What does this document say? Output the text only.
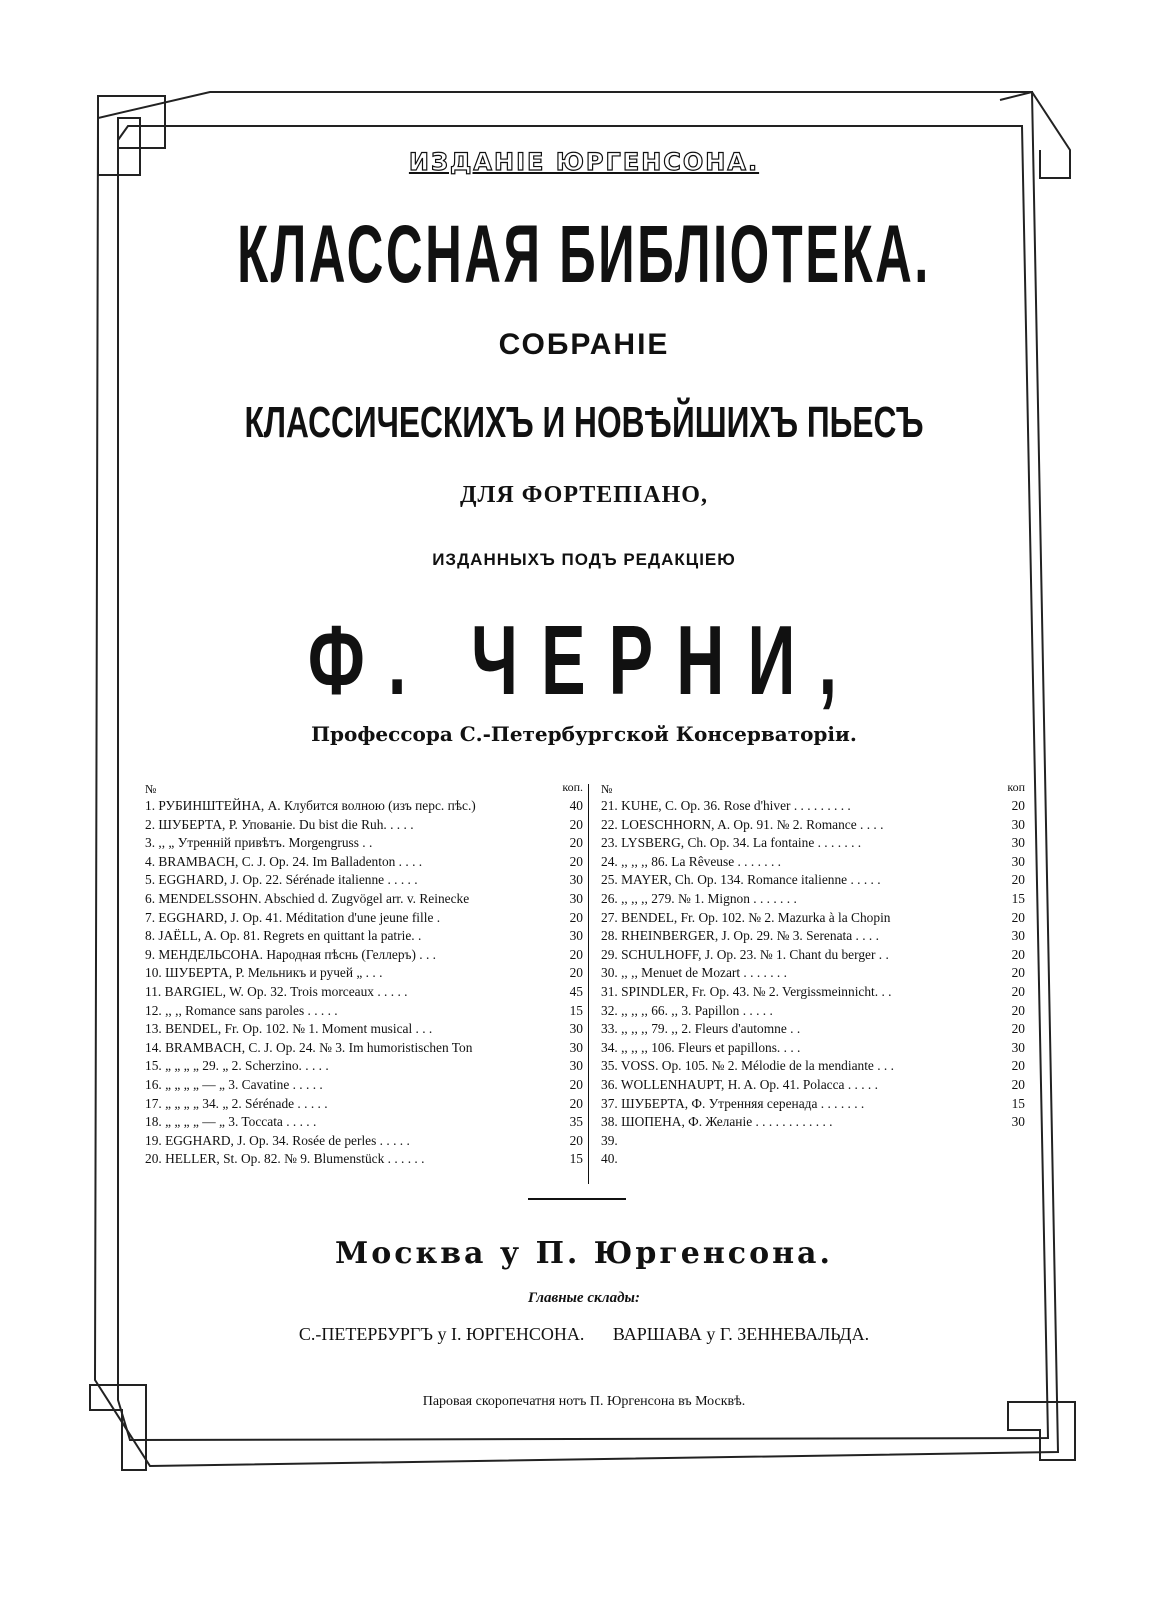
ИЗДАНІЕ ЮРГЕНСОНА.
КЛАССНАЯ БИБЛІОТЕКА.
СОБРАНІЕ
КЛАССИЧЕСКИХЪ И НОВѢЙШИХЪ ПЬЕСЪ
ДЛЯ ФОРТЕПІАНО,
ИЗДАННЫХЪ ПОДЪ РЕДАКЦІЕЮ
Ф. ЧЕРНИ,
Профессора С.-Петербургской Консерваторіи.
№	коп.
1. РУБИНШТЕЙНА, А. Клубится волною (изъ перс. пѣс.)	40
2. ШУБЕРТА, Р. Упованіе. Du bist die Ruh. . . . .	20
3. ,, „ Утренній привѣтъ. Morgengruss . .	20
4. BRAMBACH, C. J. Op. 24. Im Balladenton . . . .	20
5. EGGHARD, J. Op. 22. Sérénade italienne . . . . .	30
6. MENDELSSOHN. Abschied d. Zugvögel arr. v. Reinecke	30
7. EGGHARD, J. Op. 41. Méditation d'une jeune fille .	20
8. JAËLL, A. Op. 81. Regrets en quittant la patrie. .	30
9. МЕНДЕЛЬСОНА. Народная пѣснь (Геллеръ) . . .	20
10. ШУБЕРТА, Р. Мельникъ и ручей „ . . .	20
11. BARGIEL, W. Op. 32. Trois morceaux . . . . .	45
12. ,, ,, Romance sans paroles . . . . .	15
13. BENDEL, Fr. Op. 102. № 1. Moment musical . . .	30
14. BRAMBACH, C. J. Op. 24. № 3. Im humoristischen Ton	30
15. „ „ „ „ 29. „ 2. Scherzino. . . . .	30
16. „ „ „ „ — „ 3. Cavatine . . . . .	20
17. „ „ „ „ 34. „ 2. Sérénade . . . . .	20
18. „ „ „ „ — „ 3. Toccata . . . . .	35
19. EGGHARD, J. Op. 34. Rosée de perles . . . . .	20
20. HELLER, St. Op. 82. № 9. Blumenstück . . . . . .	15
№	коп
21. KUHE, C. Op. 36. Rose d'hiver . . . . . . . . .	20
22. LOESCHHORN, A. Op. 91. № 2. Romance . . . .	30
23. LYSBERG, Ch. Op. 34. La fontaine . . . . . . .	30
24. ,, ,, ,, 86. La Rêveuse . . . . . . .	30
25. MAYER, Ch. Op. 134. Romance italienne . . . . .	20
26. ,, ,, ,, 279. № 1. Mignon . . . . . . .	15
27. BENDEL, Fr. Op. 102. № 2. Mazurka à la Chopin	20
28. RHEINBERGER, J. Op. 29. № 3. Serenata . . . .	30
29. SCHULHOFF, J. Op. 23. № 1. Chant du berger . .	20
30. ,, ,, Menuet de Mozart . . . . . . .	20
31. SPINDLER, Fr. Op. 43. № 2. Vergissmeinnicht. . .	20
32. ,, ,, ,, 66. ,, 3. Papillon . . . . .	20
33. ,, ,, ,, 79. ,, 2. Fleurs d'automne . .	20
34. ,, ,, ,, 106. Fleurs et papillons. . . .	30
35. VOSS. Op. 105. № 2. Mélodie de la mendiante . . .	20
36. WOLLENHAUPT, H. A. Op. 41. Polacca . . . . .	20
37. ШУБЕРТА, Ф. Утренняя серенада . . . . . . .	15
38. ШОПЕНА, Ф. Желаніе . . . . . . . . . . . .	30
39.
40.
Москва у П. Юргенсона.
Главные склады:
С.-ПЕТЕРБУРГЪ у І. ЮРГЕНСОНА. ВАРШАВА у Г. ЗЕННЕВАЛЬДА.
Паровая скоропечатня нотъ П. Юргенсона въ Москвѣ.
